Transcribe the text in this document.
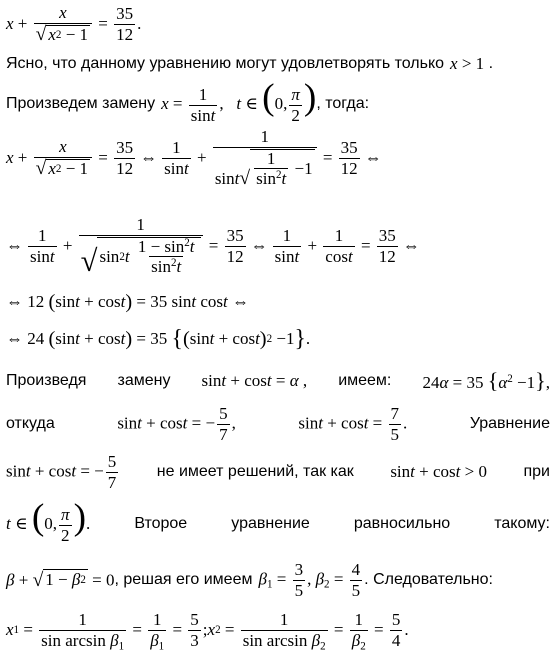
$x + \frac{x}{√ x 2 - 1} = \frac{35}{12}$ .
Ясно, что данному уравнению могут удовлетворять только x > 1 .
Произведем замену $x = \frac{1}{\sin t}$ ,   t ∈ (0, $\frac{\pi}{2}$ ) , тогда:
$x + \frac{x}{√ x 2 - 1} = \frac{35}{12}$ ⇔ $\frac{1}{\sin t} + \frac{1}{\sin t √ \frac{1}{\sin^2t} -1} = \frac{35}{12}$ ⇔
⇔ $\frac{1}{\sin t} + 1$
√ sin 2 t
$\frac{1 - \sin^2t}{\sin^2t} = \frac{35}{12}$ ⇔ $\frac{1}{\sin t} + \frac{1}{\cos t} = \frac{35}{12}$ ⇔
⇔ 12 ( sin t + cos t ) = 35 sin t cos t ⇔
⇔ 24 ( sin t + cos t ) = 35 { ( sin t + cos t ) 2 −1 } .
Произведя замену sint + cost = α , имеем: 24α = 35 $\{\alpha^2 -1\}$,
откуда	sint + cost = − $\frac{5}{7}$ ,	$\sin t + \cos t = \frac{7}{5}$ .	Уравнение
sint + cost = − $\frac{5}{7}$ не имеет решений, так как sint + cost > 0 при
t ∈ (0, $\frac{\pi}{2}$ ).	Второе	уравнение	равносильно	такому:
β + √ 1 − β 2 = 0 , решая его имеем $\beta_1 = \frac{3}{5}$ , $\beta_2 = \frac{4}{5}$ . Следовательно:
x $1 = \frac{1}{\sin \arcsin \beta_1} = \frac{1}{\beta_1} = \frac{5}{3}$ ; x $2 = \frac{1}{\sin \arcsin \beta_2} = \frac{1}{\beta_2} = \frac{5}{4}$ .
